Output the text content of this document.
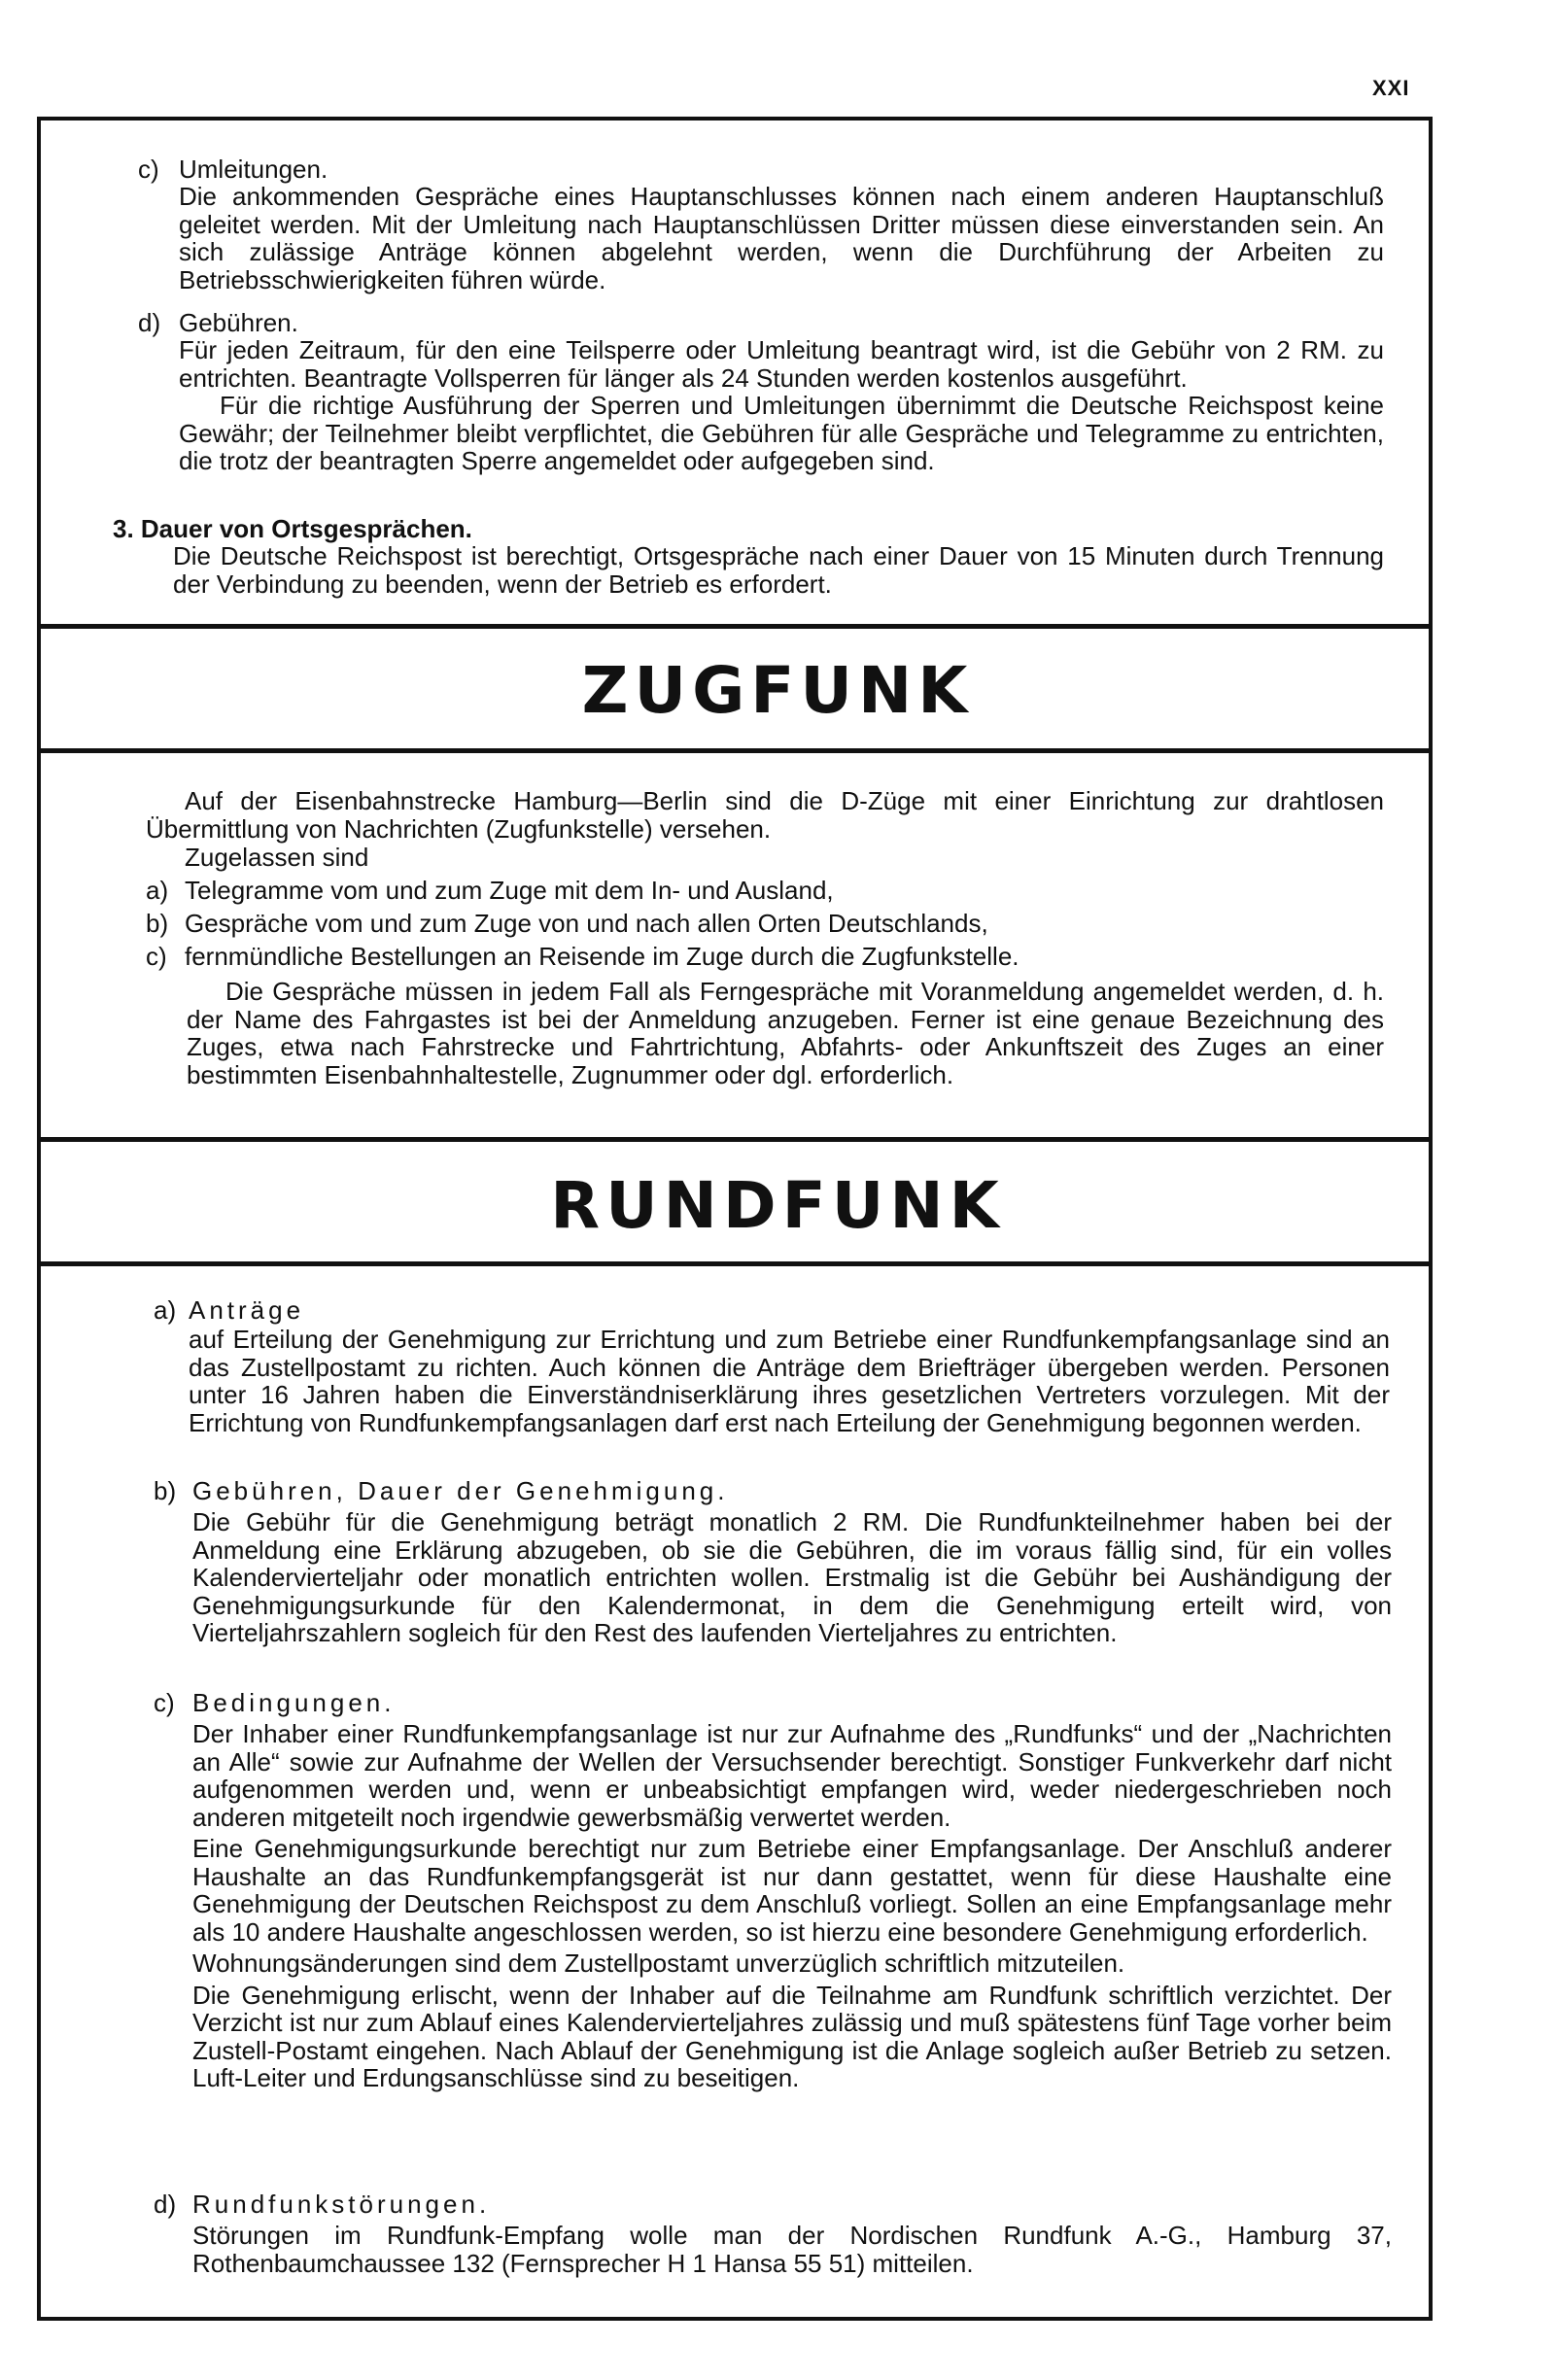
XXI
c) Umleitungen.

Die ankommenden Gespräche eines Hauptanschlusses können nach einem anderen Hauptanschluß geleitet werden. Mit der Umleitung nach Hauptanschlüssen Dritter müssen diese einverstanden sein. An sich zulässige Anträge können abgelehnt werden, wenn die Durchführung der Arbeiten zu Betriebsschwierigkeiten führen würde.

d) Gebühren.

Für jeden Zeitraum, für den eine Teilsperre oder Umleitung beantragt wird, ist die Gebühr von 2 RM. zu entrichten. Beantragte Vollsperren für länger als 24 Stunden werden kostenlos ausgeführt.

Für die richtige Ausführung der Sperren und Umleitungen übernimmt die Deutsche Reichspost keine Gewähr; der Teilnehmer bleibt verpflichtet, die Gebühren für alle Gespräche und Telegramme zu entrichten, die trotz der beantragten Sperre angemeldet oder aufgegeben sind.

3. Dauer von Ortsgesprächen.

Die Deutsche Reichspost ist berechtigt, Ortsgespräche nach einer Dauer von 15 Minuten durch Trennung der Verbindung zu beenden, wenn der Betrieb es erfordert.

ZUGFUNK

Auf der Eisenbahnstrecke Hamburg—Berlin sind die D-Züge mit einer Einrichtung zur drahtlosen Übermittlung von Nachrichten (Zugfunkstelle) versehen.

Zugelassen sind
a) Telegramme vom und zum Zuge mit dem In- und Ausland,
b) Gespräche vom und zum Zuge von und nach allen Orten Deutschlands,
c) fernmündliche Bestellungen an Reisende im Zuge durch die Zugfunkstelle.

Die Gespräche müssen in jedem Fall als Ferngespräche mit Voranmeldung angemeldet werden, d. h. der Name des Fahrgastes ist bei der Anmeldung anzugeben. Ferner ist eine genaue Bezeichnung des Zuges, etwa nach Fahrstrecke und Fahrtrichtung, Abfahrts- oder Ankunftszeit des Zuges an einer bestimmten Eisenbahnhaltestelle, Zugnummer oder dgl. erforderlich.

RUNDFUNK
a) Anträge

auf Erteilung der Genehmigung zur Errichtung und zum Betriebe einer Rundfunkempfangsanlage sind an das Zustellpostamt zu richten. Auch können die Anträge dem Briefträger übergeben werden. Personen unter 16 Jahren haben die Einverständniserklärung ihres gesetzlichen Vertreters vorzulegen. Mit der Errichtung von Rundfunkempfangsanlagen darf erst nach Erteilung der Genehmigung begonnen werden.

b) Gebühren, Dauer der Genehmigung.

Die Gebühr für die Genehmigung beträgt monatlich 2 RM. Die Rundfunkteilnehmer haben bei der Anmeldung eine Erklärung abzugeben, ob sie die Gebühren, die im voraus fällig sind, für ein volles Kalendervierteljahr oder monatlich entrichten wollen. Erstmalig ist die Gebühr bei Aushändigung der Genehmigungsurkunde für den Kalendermonat, in dem die Genehmigung erteilt wird, von Vierteljahrszahlern sogleich für den Rest des laufenden Vierteljahres zu entrichten.

c) Bedingungen.

Der Inhaber einer Rundfunkempfangsanlage ist nur zur Aufnahme des „Rundfunks“ und der „Nachrichten an Alle“ sowie zur Aufnahme der Wellen der Versuchsender berechtigt. Sonstiger Funkverkehr darf nicht aufgenommen werden und, wenn er unbeabsichtigt empfangen wird, weder niedergeschrieben noch anderen mitgeteilt noch irgendwie gewerbsmäßig verwertet werden.

Eine Genehmigungsurkunde berechtigt nur zum Betriebe einer Empfangsanlage. Der Anschluß anderer Haushalte an das Rundfunkempfangsgerät ist nur dann gestattet, wenn für diese Haushalte eine Genehmigung der Deutschen Reichspost zu dem Anschluß vorliegt. Sollen an eine Empfangsanlage mehr als 10 andere Haushalte angeschlossen werden, so ist hierzu eine besondere Genehmigung erforderlich.

Wohnungsänderungen sind dem Zustellpostamt unverzüglich schriftlich mitzuteilen.

Die Genehmigung erlischt, wenn der Inhaber auf die Teilnahme am Rundfunk schriftlich verzichtet. Der Verzicht ist nur zum Ablauf eines Kalendervierteljahres zulässig und muß spätestens fünf Tage vorher beim Zustell-Postamt eingehen. Nach Ablauf der Genehmigung ist die Anlage sogleich außer Betrieb zu setzen. Luft-Leiter und Erdungsanschlüsse sind zu beseitigen.

d) Rundfunkstörungen.

Störungen im Rundfunk-Empfang wolle man der Nordischen Rundfunk A.-G., Hamburg 37, Rothenbaumchaussee 132 (Fernsprecher H 1 Hansa 55 51) mitteilen.
